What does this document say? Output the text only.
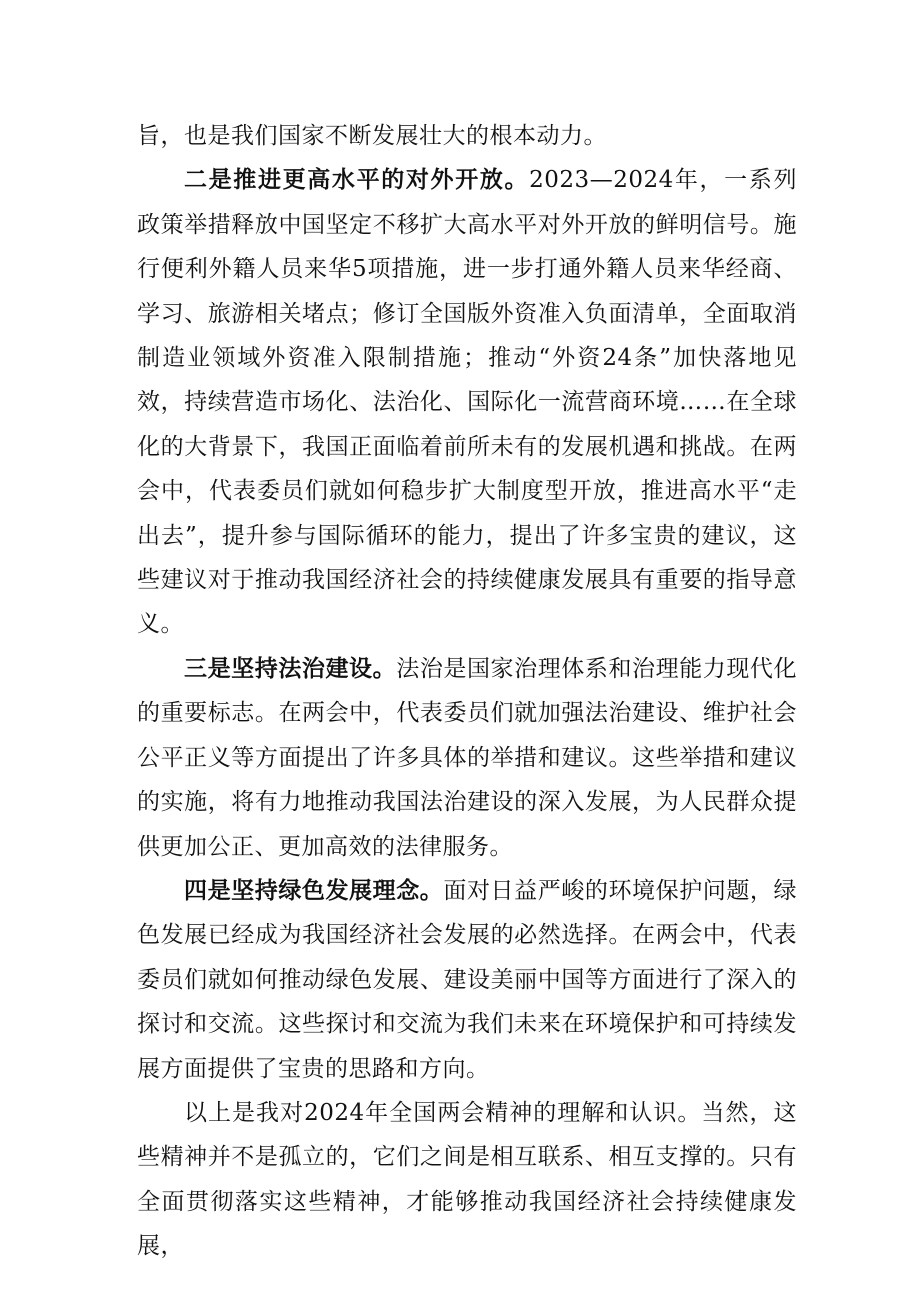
旨，也是我们国家不断发展壮大的根本动力。

二是推进更高水平的对外开放。2023—2024年，一系列政策举措释放中国坚定不移扩大高水平对外开放的鲜明信号。施行便利外籍人员来华5项措施，进一步打通外籍人员来华经商、学习、旅游相关堵点；修订全国版外资准入负面清单，全面取消制造业领域外资准入限制措施；推动“外资24条”加快落地见效，持续营造市场化、法治化、国际化一流营商环境……在全球化的大背景下，我国正面临着前所未有的发展机遇和挑战。在两会中，代表委员们就如何稳步扩大制度型开放，推进高水平“走出去”，提升参与国际循环的能力，提出了许多宝贵的建议，这些建议对于推动我国经济社会的持续健康发展具有重要的指导意义。

三是坚持法治建设。法治是国家治理体系和治理能力现代化的重要标志。在两会中，代表委员们就加强法治建设、维护社会公平正义等方面提出了许多具体的举措和建议。这些举措和建议的实施，将有力地推动我国法治建设的深入发展，为人民群众提供更加公正、更加高效的法律服务。

四是坚持绿色发展理念。面对日益严峻的环境保护问题，绿色发展已经成为我国经济社会发展的必然选择。在两会中，代表委员们就如何推动绿色发展、建设美丽中国等方面进行了深入的探讨和交流。这些探讨和交流为我们未来在环境保护和可持续发展方面提供了宝贵的思路和方向。

以上是我对2024年全国两会精神的理解和认识。当然，这些精神并不是孤立的，它们之间是相互联系、相互支撑的。只有全面贯彻落实这些精神，才能够推动我国经济社会持续健康发展，
